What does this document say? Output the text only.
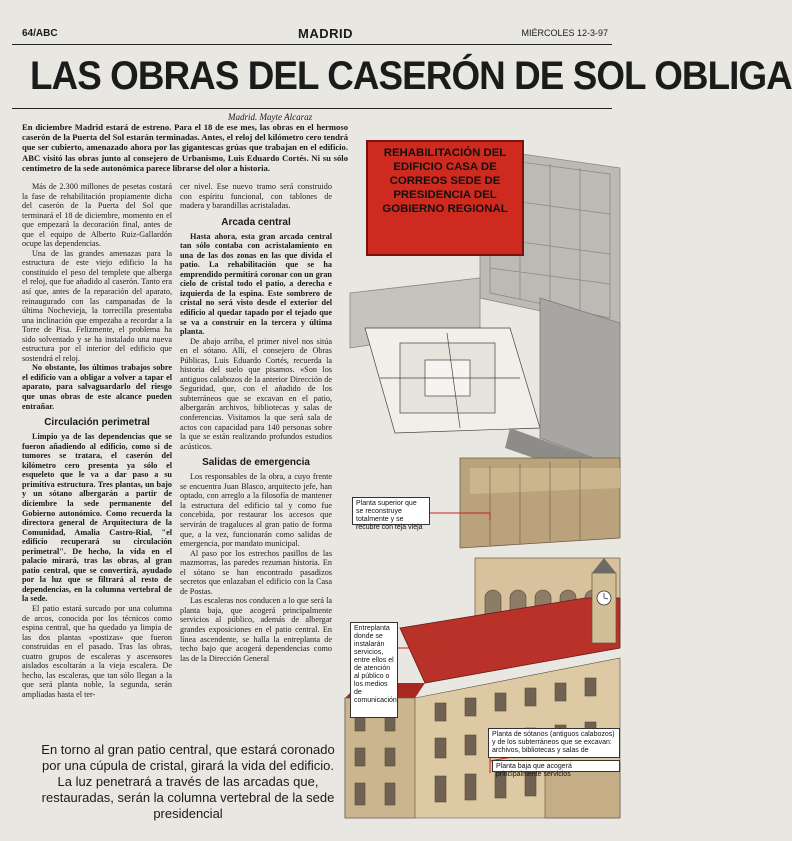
64/ABC	MADRID	MIÉRCOLES 12-3-97
LAS OBRAS DEL CASERÓN DE SOL OBLIGA
Madrid. Mayte Alcaraz
En diciembre Madrid estará de estreno. Para el 18 de ese mes, las obras en el hermoso caserón de la Puerta del Sol estarán terminadas. Antes, el reloj del kilómetro cero tendrá que ser cubierto, amenazado ahora por las gigantescas grúas que trabajan en el edificio. ABC visitó las obras junto al consejero de Urbanismo, Luis Eduardo Cortés. Ni su sólo centímetro de la sede autonómica parece librarse del olor a historia.

Más de 2.300 millones de pesetas costará la fase de rehabilitación propiamente dicha del caserón de la Puerta del Sol que terminará el 18 de diciembre, momento en el que empezará la decoración final, antes de que el equipo de Alberto Ruiz-Gallardón ocupe las dependencias.

Una de las grandes amenazas para la estructura de este viejo edificio la ha constituido el peso del templete que alberga el reloj, que fue añadido al caserón. Tanto era así que, antes de la reparación del aparato, reinaugurado con las campanadas de la última Nochevieja, la torrecilla presentaba una inclinación que empezaba a recordar a la Torre de Pisa. Felizmente, el problema ha sido solventado y se ha instalado una nueva estructura por el interior del edificio que sostendrá el reloj.

No obstante, los últimos trabajos sobre el edificio van a obligar a volver a tapar el aparato, para salvaguardarlo del riesgo que unas obras de este alcance pueden entrañar.

Circulación perimetral

Limpio ya de las dependencias que se fueron añadiendo al edificio, como si de tumores se tratara, el caserón del kilómetro cero presenta ya sólo el esqueleto que le va a dar paso a su primitiva estructura. Tres plantas, un bajo y un sótano albergarán a partir de diciembre la sede permanente del Gobierno autonómico. Como recuerda la directora general de Arquitectura de la Comunidad, Amalia Castro-Rial, "el edificio recuperará su circulación perimetral". De hecho, la vida en el palacio mirará, tras las obras, al gran patio central, que se convertirá, ayudado por la luz que se filtrará al resto de dependencias, en la columna vertebral de la sede.

El patio estará surcado por una columna de arcos, conocida por los técnicos como espina central, que ha quedado ya limpia de las dos plantas «postizas» que fueron construidas en el pasado. Tras las obras, cuatro grupos de escaleras y ascensores aislados escoltarán a la vieja escalera. De hecho, las escaleras, que tan sólo llegan a la que será planta noble, la segunda, serán ampliadas hasta el ter-

cer nivel. Ese nuevo tramo será construido con espíritu funcional, con tablones de madera y barandillas acristaladas.

Arcada central

Hasta ahora, esta gran arcada central tan sólo contaba con acristalamiento en una de las dos zonas en las que divida el patio. La rehabilitación que se ha emprendido permitirá coronar con un gran cielo de cristal todo el patio, a derecha e izquierda de la espina. Este sombrero de cristal no será visto desde el exterior del edificio al quedar tapado por el tejado que se va a construir en la tercera y última planta.

De abajo arriba, el primer nivel nos sitúa en el sótano. Allí, el consejero de Obras Públicas, Luis Eduardo Cortés, recuerda la historia del suelo que pisamos. «Son los antiguos calabozos de la anterior Dirección de Seguridad, que, con el añadido de los subterráneos que se excavan en el patio, albergarán archivos, bibliotecas y salas de conferencias. Visitamos la que será sala de actos con capacidad para 140 personas sobre la que se están realizando profundos estudios acústicos.

Salidas de emergencia

Los responsables de la obra, a cuyo frente se encuentra Juan Blasco, arquitecto jefe, han optado, con arreglo a la filosofía de mantener la estructura del edificio tal y como fue concebida, por restaurar los accesos que servirán de tragaluces al gran patio de forma que, a la vez, funcionarán como salidas de emergencia, por mandato municipal.

Al paso por los estrechos pasillos de las mazmorras, las paredes rezuman historia. En el sótano se han encontrado pasadizos secretos que enlazaban el edificio con la Casa de Postas.

Las escaleras nos conducen a lo que será la planta baja, que acogerá principalmente servicios al público, además de albergar grandes exposiciones en el patio central. En línea ascendente, se halla la entreplanta de techo bajo que acogerá dependencias como las de la Dirección General

En torno al gran patio central, que estará coronado por una cúpula de cristal, girará la vida del edificio. La luz penetrará a través de las arcadas que, restauradas, serán la columna vertebral de la sede presidencial
REHABILITACIÓN DEL EDIFICIO CASA DE CORREOS SEDE DE PRESIDENCIA DEL GOBIERNO REGIONAL
Planta superior que se reconstruye totalmente y se recubre con teja vieja
Entreplanta donde se instalarán servicios, entre ellos el de atención al público o los medios de comunicación
Planta de sótanos (antiguos calabozos) y de los subterráneos que se excavan: archivos, bibliotecas y salas de
Planta baja que acogerá principalmente servicios
